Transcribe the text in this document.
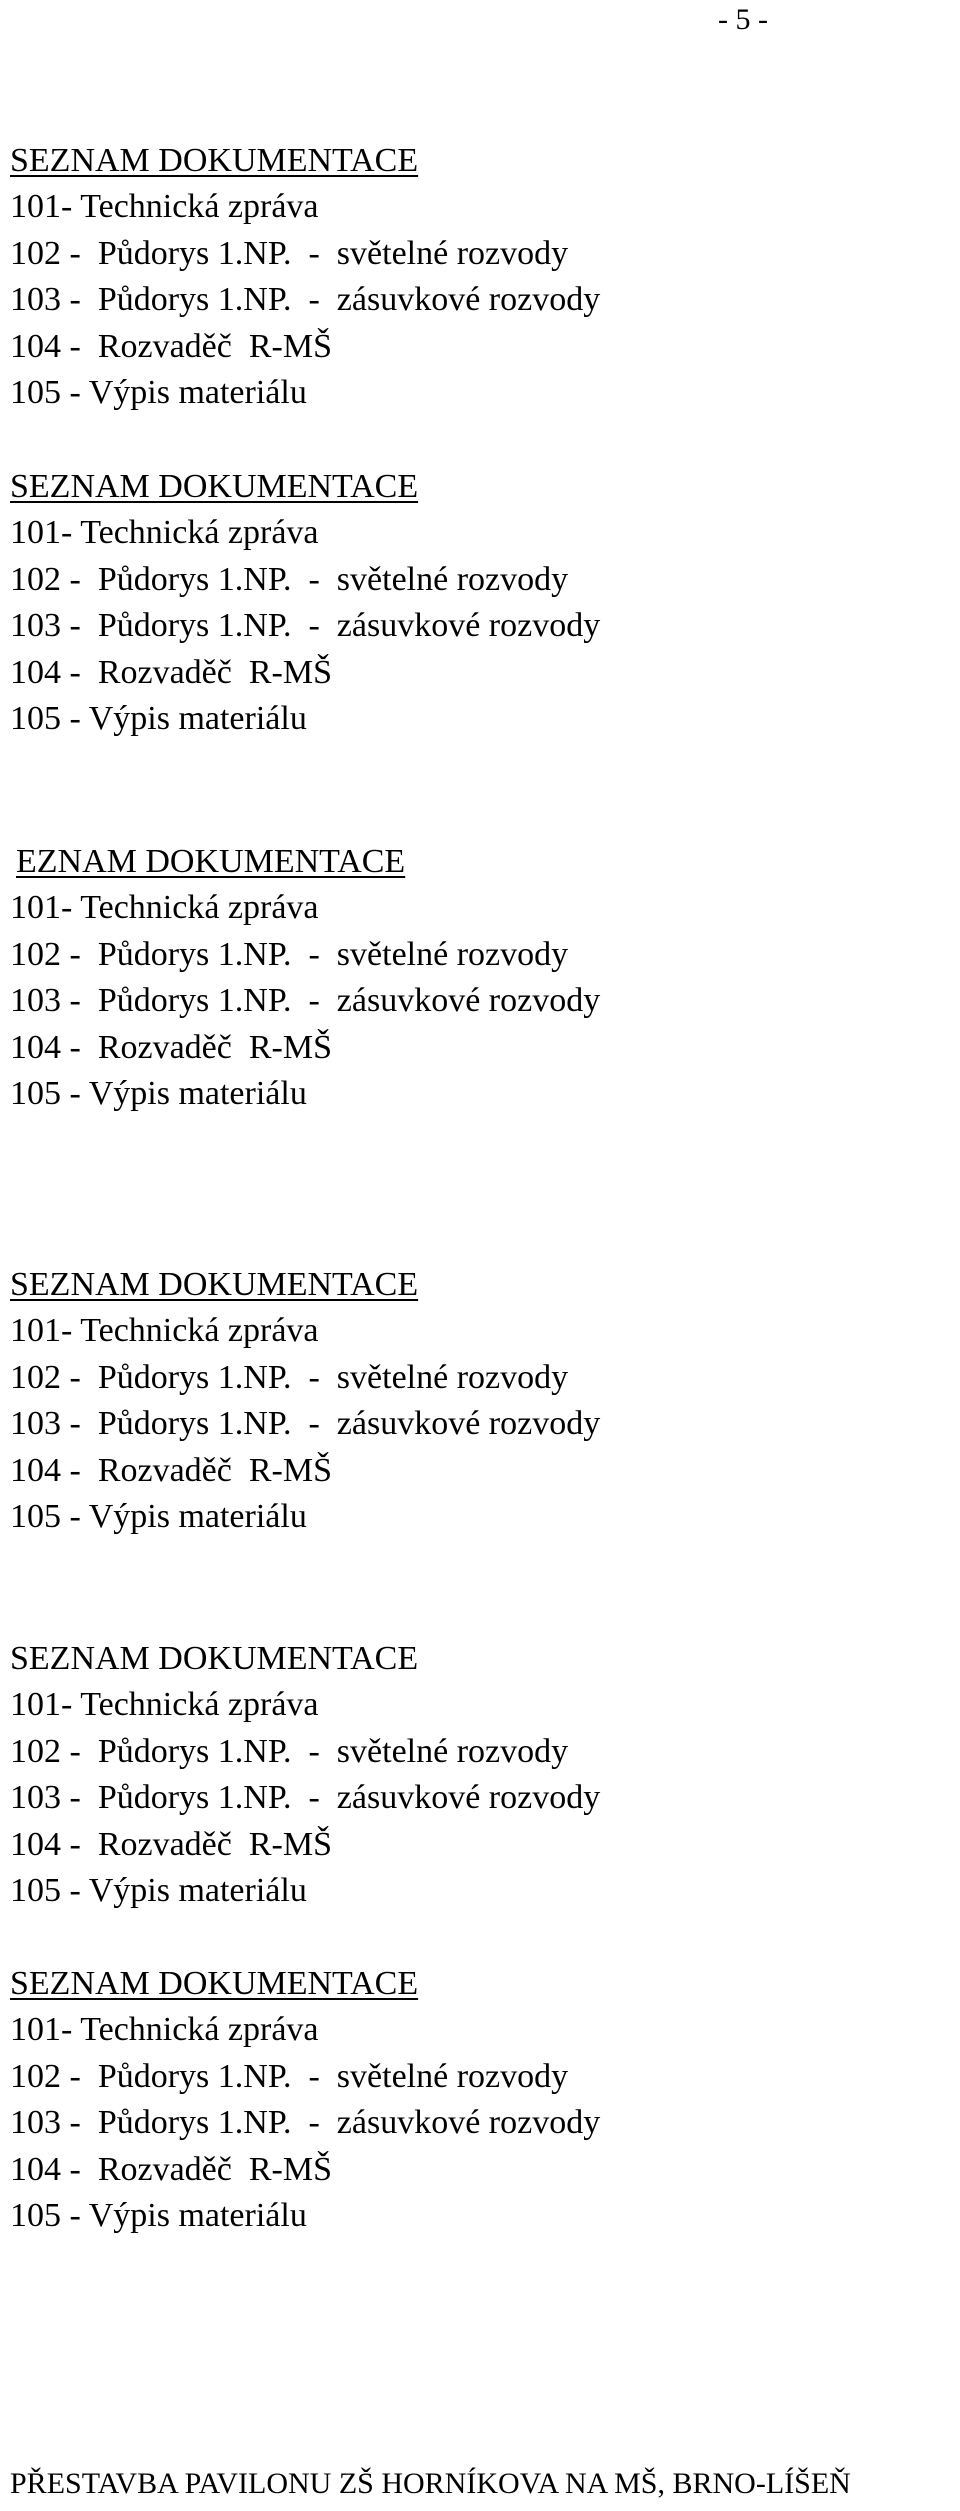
- 5 -
SEZNAM DOKUMENTACE
101- Technická zpráva
102 -  Půdorys 1.NP.  -  světelné rozvody
103 -  Půdorys 1.NP.  -  zásuvkové rozvody
104 -  Rozvaděč  R-MŠ
105 - Výpis materiálu
SEZNAM DOKUMENTACE
101- Technická zpráva
102 -  Půdorys 1.NP.  -  světelné rozvody
103 -  Půdorys 1.NP.  -  zásuvkové rozvody
104 -  Rozvaděč  R-MŠ
105 - Výpis materiálu
EZNAM DOKUMENTACE
101- Technická zpráva
102 -  Půdorys 1.NP.  -  světelné rozvody
103 -  Půdorys 1.NP.  -  zásuvkové rozvody
104 -  Rozvaděč  R-MŠ
105 - Výpis materiálu
SEZNAM DOKUMENTACE
101- Technická zpráva
102 -  Půdorys 1.NP.  -  světelné rozvody
103 -  Půdorys 1.NP.  -  zásuvkové rozvody
104 -  Rozvaděč  R-MŠ
105 - Výpis materiálu
SEZNAM DOKUMENTACE
101- Technická zpráva
102 -  Půdorys 1.NP.  -  světelné rozvody
103 -  Půdorys 1.NP.  -  zásuvkové rozvody
104 -  Rozvaděč  R-MŠ
105 - Výpis materiálu
SEZNAM DOKUMENTACE
101- Technická zpráva
102 -  Půdorys 1.NP.  -  světelné rozvody
103 -  Půdorys 1.NP.  -  zásuvkové rozvody
104 -  Rozvaděč  R-MŠ
105 - Výpis materiálu
PŘESTAVBA PAVILONU ZŠ HORNÍKOVA NA MŠ, BRNO-LÍŠEŇ
